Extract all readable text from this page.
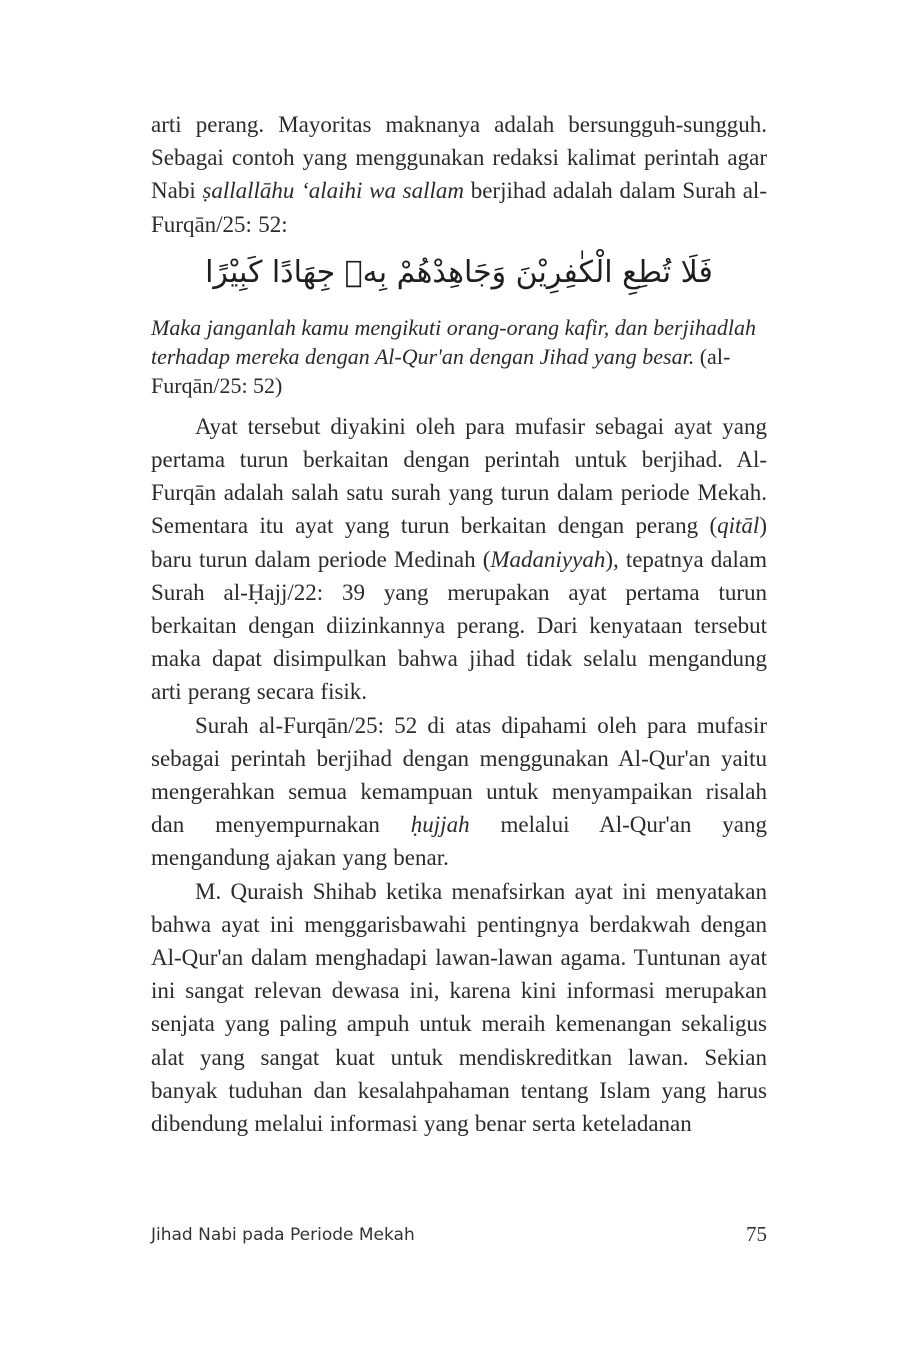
arti perang. Mayoritas maknanya adalah bersungguh-sungguh. Sebagai contoh yang menggunakan redaksi kalimat perintah agar Nabi ṣallallāhu ‘alaihi wa sallam berjihad adalah dalam Surah al-Furqān/25: 52:

فَلَا تُطِعِ الْكٰفِرِيْنَ وَجَاهِدْهُمْ بِهٖ جِهَادًا كَبِيْرًا

Maka janganlah kamu mengikuti orang-orang kafir, dan berjihadlah terhadap mereka dengan Al-Qur'an dengan Jihad yang besar. (al-Furqān/25: 52)

Ayat tersebut diyakini oleh para mufasir sebagai ayat yang pertama turun berkaitan dengan perintah untuk berjihad. Al-Furqān adalah salah satu surah yang turun dalam periode Mekah. Sementara itu ayat yang turun berkaitan dengan perang (qitāl) baru turun dalam periode Medinah (Madaniyyah), tepatnya dalam Surah al-Ḥajj/22: 39 yang merupakan ayat pertama turun berkaitan dengan diizinkannya perang. Dari kenyataan tersebut maka dapat disimpulkan bahwa jihad tidak selalu mengandung arti perang secara fisik.

Surah al-Furqān/25: 52 di atas dipahami oleh para mufasir sebagai perintah berjihad dengan menggunakan Al-Qur'an yaitu mengerahkan semua kemampuan untuk menyampaikan risalah dan menyempurnakan ḥujjah melalui Al-Qur'an yang mengandung ajakan yang benar.

M. Quraish Shihab ketika menafsirkan ayat ini menyatakan bahwa ayat ini menggarisbawahi pentingnya berdakwah dengan Al-Qur'an dalam menghadapi lawan-lawan agama. Tuntunan ayat ini sangat relevan dewasa ini, karena kini informasi merupakan senjata yang paling ampuh untuk meraih kemenangan sekaligus alat yang sangat kuat untuk mendiskreditkan lawan. Sekian banyak tuduhan dan kesalahpahaman tentang Islam yang harus dibendung melalui informasi yang benar serta keteladanan

Jihad Nabi pada Periode Mekah	75
